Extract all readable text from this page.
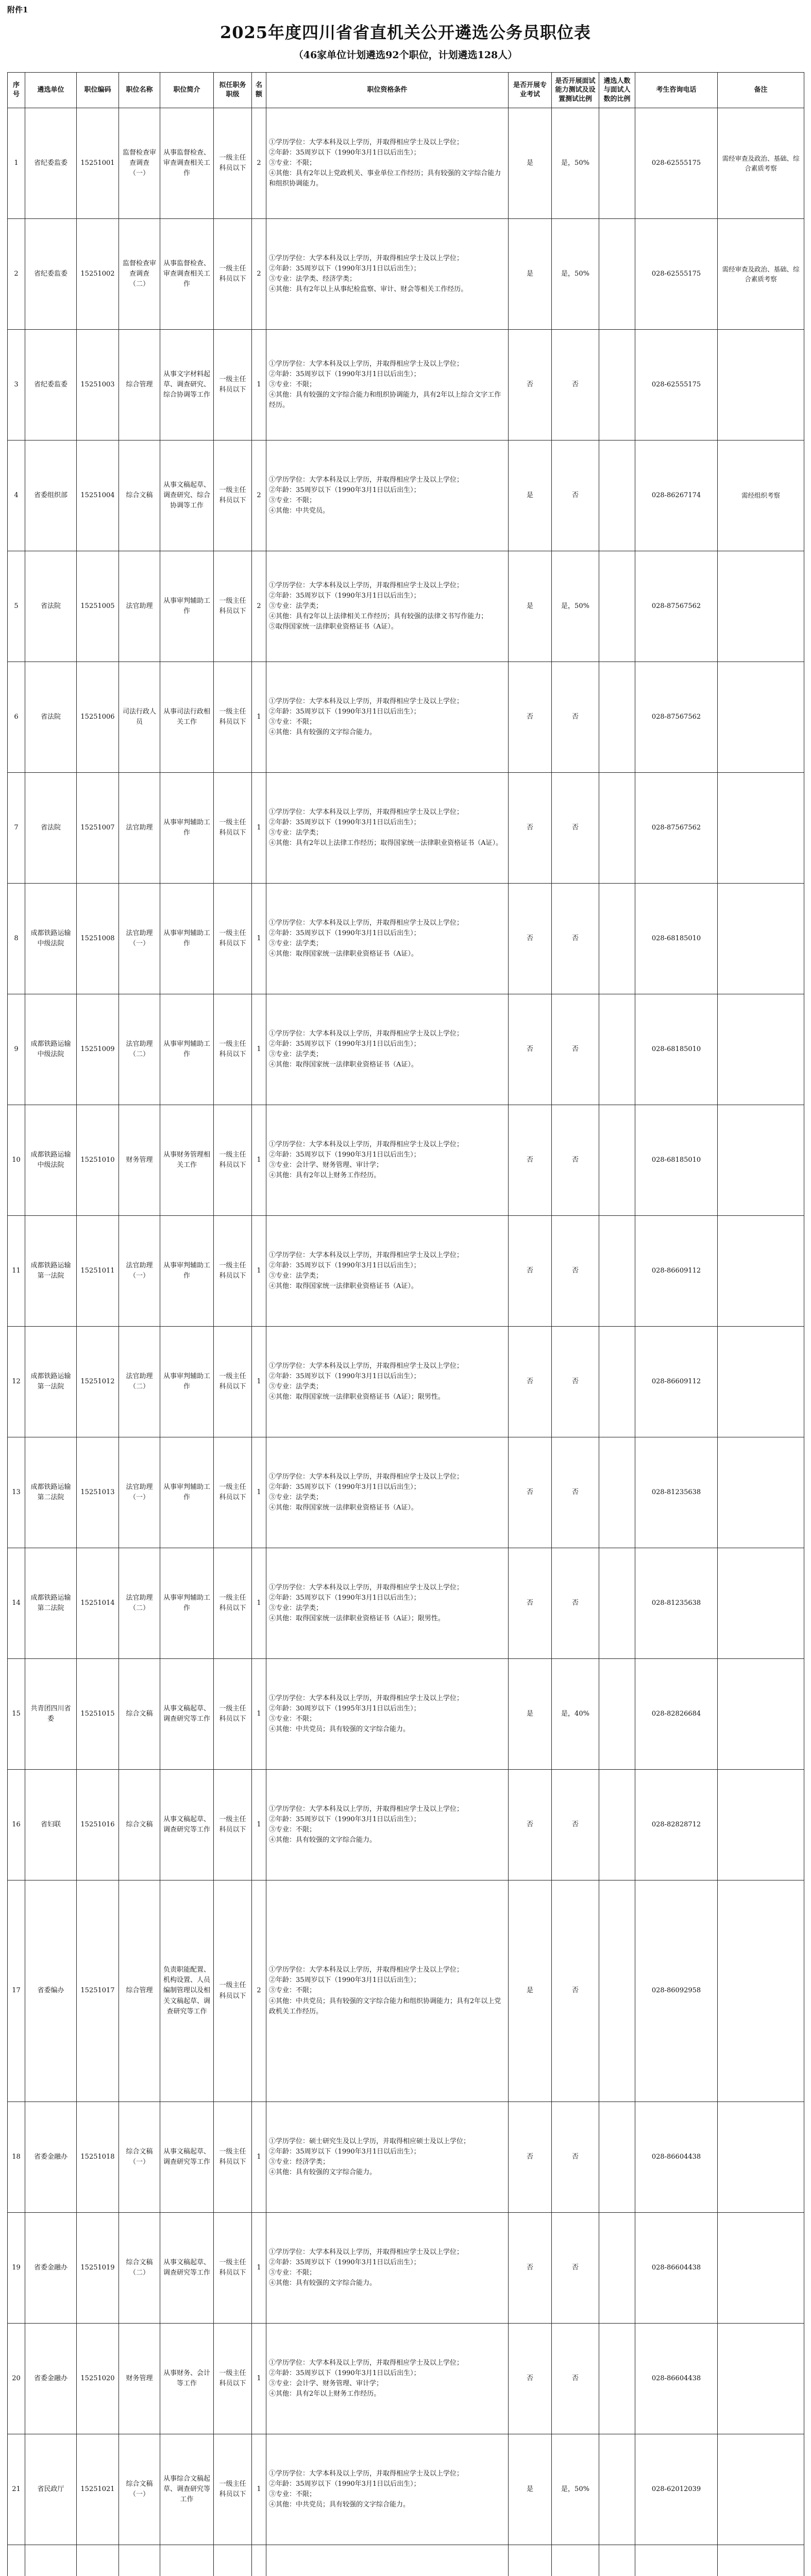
附件1
2025年度四川省省直机关公开遴选公务员职位表
（46家单位计划遴选92个职位，计划遴选128人）
序号	遴选单位	职位编码	职位名称	职位简介	拟任职务职级	名额	职位资格条件	是否开展专业考试	是否开展面试能力测试及设置测试比例	遴选人数与面试人数的比例	考生咨询电话	备注
1	省纪委监委	15251001	监督检查审查调查（一）	从事监督检查、审查调查相关工作	一级主任科员以下	2	①学历学位：大学本科及以上学历，并取得相应学士及以上学位；
②年龄：35周岁以下（1990年3月1日以后出生）；
③专业：不限；
④其他：具有2年以上党政机关、事业单位工作经历；具有较强的文字综合能力和组织协调能力。	是	是，50%		028-62555175	需经审查及政治、基础、综合素质考察
2	省纪委监委	15251002	监督检查审查调查（二）	从事监督检查、审查调查相关工作	一级主任科员以下	2	①学历学位：大学本科及以上学历，并取得相应学士及以上学位；
②年龄：35周岁以下（1990年3月1日以后出生）；
③专业：法学类、经济学类；
④其他：具有2年以上从事纪检监察、审计、财会等相关工作经历。	是	是，50%		028-62555175	需经审查及政治、基础、综合素质考察
3	省纪委监委	15251003	综合管理	从事文字材料起草、调查研究、综合协调等工作	一级主任科员以下	1	①学历学位：大学本科及以上学历，并取得相应学士及以上学位；
②年龄：35周岁以下（1990年3月1日以后出生）；
③专业：不限；
④其他：具有较强的文字综合能力和组织协调能力，具有2年以上综合文字工作经历。	否	否		028-62555175	
4	省委组织部	15251004	综合文稿	从事文稿起草、调查研究、综合协调等工作	一级主任科员以下	2	①学历学位：大学本科及以上学历，并取得相应学士及以上学位；
②年龄：35周岁以下（1990年3月1日以后出生）；
③专业：不限；
④其他：中共党员。	是	否		028-86267174	需经组织考察
5	省法院	15251005	法官助理	从事审判辅助工作	一级主任科员以下	2	①学历学位：大学本科及以上学历，并取得相应学士及以上学位；
②年龄：35周岁以下（1990年3月1日以后出生）；
③专业：法学类；
④其他：具有2年以上法律相关工作经历；具有较强的法律文书写作能力；
⑤取得国家统一法律职业资格证书（A证）。	是	是，50%		028-87567562	
6	省法院	15251006	司法行政人员	从事司法行政相关工作	一级主任科员以下	1	①学历学位：大学本科及以上学历，并取得相应学士及以上学位；
②年龄：35周岁以下（1990年3月1日以后出生）；
③专业：不限；
④其他：具有较强的文字综合能力。	否	否		028-87567562	
7	省法院	15251007	法官助理	从事审判辅助工作	一级主任科员以下	1	①学历学位：大学本科及以上学历，并取得相应学士及以上学位；
②年龄：35周岁以下（1990年3月1日以后出生）；
③专业：法学类；
④其他：具有2年以上法律工作经历；取得国家统一法律职业资格证书（A证）。	否	否		028-87567562	
8	成都铁路运输中级法院	15251008	法官助理（一）	从事审判辅助工作	一级主任科员以下	1	①学历学位：大学本科及以上学历，并取得相应学士及以上学位；
②年龄：35周岁以下（1990年3月1日以后出生）；
③专业：法学类；
④其他：取得国家统一法律职业资格证书（A证）。	否	否		028-68185010	
9	成都铁路运输中级法院	15251009	法官助理（二）	从事审判辅助工作	一级主任科员以下	1	①学历学位：大学本科及以上学历，并取得相应学士及以上学位；
②年龄：35周岁以下（1990年3月1日以后出生）；
③专业：法学类；
④其他：取得国家统一法律职业资格证书（A证）。	否	否		028-68185010	
10	成都铁路运输中级法院	15251010	财务管理	从事财务管理相关工作	一级主任科员以下	1	①学历学位：大学本科及以上学历，并取得相应学士及以上学位；
②年龄：35周岁以下（1990年3月1日以后出生）；
③专业：会计学、财务管理、审计学；
④其他：具有2年以上财务工作经历。	否	否		028-68185010	
11	成都铁路运输第一法院	15251011	法官助理（一）	从事审判辅助工作	一级主任科员以下	1	①学历学位：大学本科及以上学历，并取得相应学士及以上学位；
②年龄：35周岁以下（1990年3月1日以后出生）；
③专业：法学类；
④其他：取得国家统一法律职业资格证书（A证）。	否	否		028-86609112	
12	成都铁路运输第一法院	15251012	法官助理（二）	从事审判辅助工作	一级主任科员以下	1	①学历学位：大学本科及以上学历，并取得相应学士及以上学位；
②年龄：35周岁以下（1990年3月1日以后出生）；
③专业：法学类；
④其他：取得国家统一法律职业资格证书（A证）；限男性。	否	否		028-86609112	
13	成都铁路运输第二法院	15251013	法官助理（一）	从事审判辅助工作	一级主任科员以下	1	①学历学位：大学本科及以上学历，并取得相应学士及以上学位；
②年龄：35周岁以下（1990年3月1日以后出生）；
③专业：法学类；
④其他：取得国家统一法律职业资格证书（A证）。	否	否		028-81235638	
14	成都铁路运输第二法院	15251014	法官助理（二）	从事审判辅助工作	一级主任科员以下	1	①学历学位：大学本科及以上学历，并取得相应学士及以上学位；
②年龄：35周岁以下（1990年3月1日以后出生）；
③专业：法学类；
④其他：取得国家统一法律职业资格证书（A证）；限男性。	否	否		028-81235638	
15	共青团四川省委	15251015	综合文稿	从事文稿起草、调查研究等工作	一级主任科员以下	1	①学历学位：大学本科及以上学历，并取得相应学士及以上学位；
②年龄：30周岁以下（1995年3月1日以后出生）；
③专业：不限；
④其他：中共党员；具有较强的文字综合能力。	是	是，40%		028-82826684	
16	省妇联	15251016	综合文稿	从事文稿起草、调查研究等工作	一级主任科员以下	1	①学历学位：大学本科及以上学历，并取得相应学士及以上学位；
②年龄：35周岁以下（1990年3月1日以后出生）；
③专业：不限；
④其他：具有较强的文字综合能力。	否	否		028-82828712	
17	省委编办	15251017	综合管理	负责职能配置、机构设置、人员编制管理以及相关文稿起草、调查研究等工作	一级主任科员以下	2	①学历学位：大学本科及以上学历，并取得相应学士及以上学位；
②年龄：35周岁以下（1990年3月1日以后出生）；
③专业：不限；
④其他：中共党员；具有较强的文字综合能力和组织协调能力；具有2年以上党政机关工作经历。	是	否		028-86092958	
18	省委金融办	15251018	综合文稿（一）	从事文稿起草、调查研究等工作	一级主任科员以下	1	①学历学位：硕士研究生及以上学历，并取得相应硕士及以上学位；
②年龄：35周岁以下（1990年3月1日以后出生）；
③专业：经济学类；
④其他：具有较强的文字综合能力。	否	否		028-86604438	
19	省委金融办	15251019	综合文稿（二）	从事文稿起草、调查研究等工作	一级主任科员以下	1	①学历学位：大学本科及以上学历，并取得相应学士及以上学位；
②年龄：35周岁以下（1990年3月1日以后出生）；
③专业：不限；
④其他：具有较强的文字综合能力。	否	否		028-86604438	
20	省委金融办	15251020	财务管理	从事财务、会计等工作	一级主任科员以下	1	①学历学位：大学本科及以上学历，并取得相应学士及以上学位；
②年龄：35周岁以下（1990年3月1日以后出生）；
③专业：会计学、财务管理、审计学；
④其他：具有2年以上财务工作经历。	否	否		028-86604438	
21	省民政厅	15251021	综合文稿（一）	从事综合文稿起草、调查研究等工作	一级主任科员以下	1	①学历学位：大学本科及以上学历，并取得相应学士及以上学位；
②年龄：35周岁以下（1990年3月1日以后出生）；
③专业：不限；
④其他：中共党员；具有较强的文字综合能力。	是	是，50%		028-62012039	
